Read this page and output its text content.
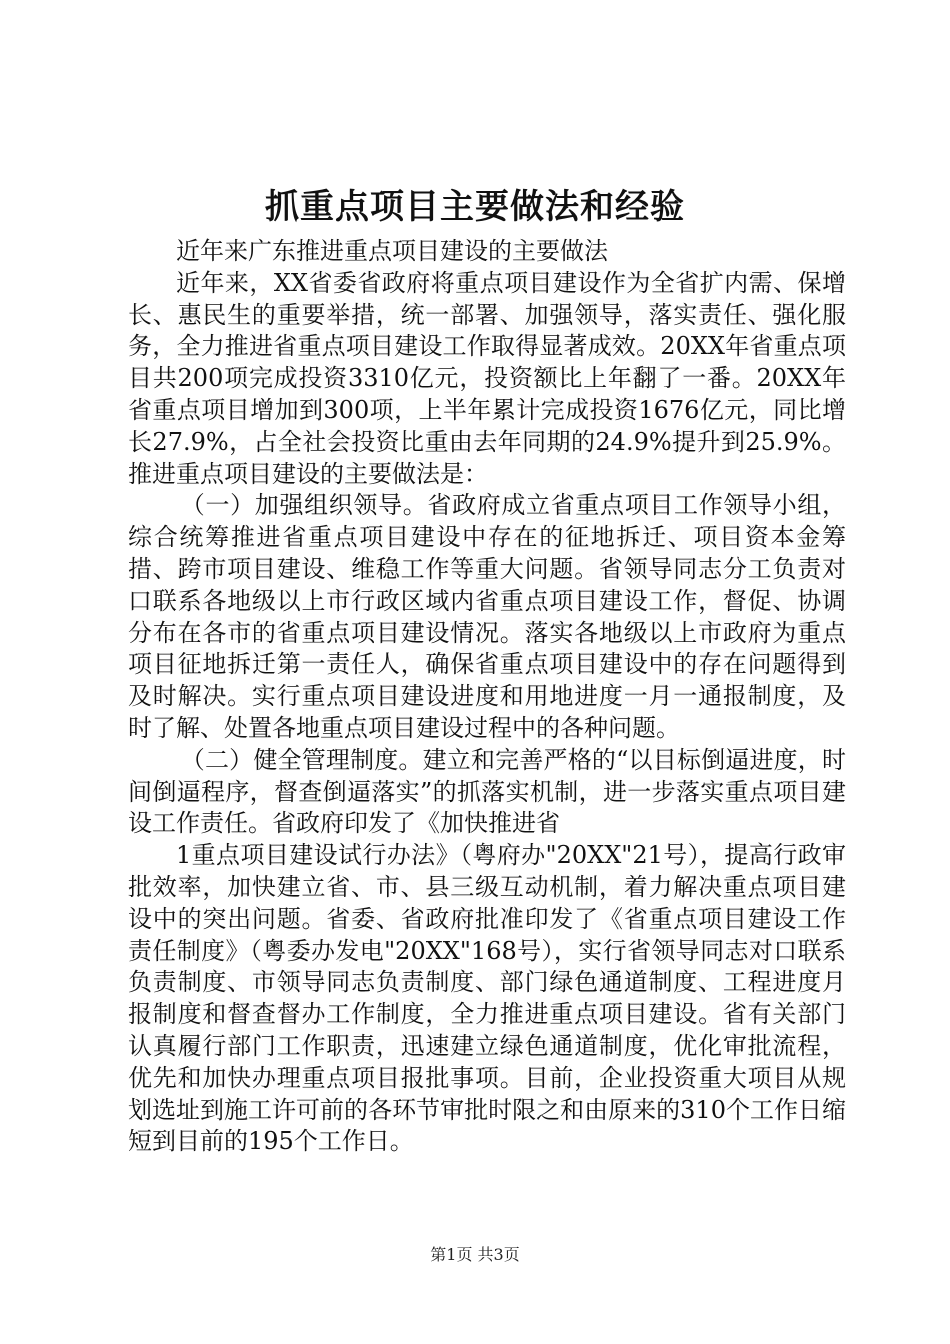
抓重点项目主要做法和经验

近年来广东推进重点项目建设的主要做法

近年来，XX省委省政府将重点项目建设作为全省扩内需、保增长、惠民生的重要举措，统一部署、加强领导，落实责任、强化服务，全力推进省重点项目建设工作取得显著成效。20XX年省重点项目共200项完成投资3310亿元，投资额比上年翻了一番。20XX年省重点项目增加到300项，上半年累计完成投资1676亿元，同比增长27.9%，占全社会投资比重由去年同期的24.9%提升到25.9%。推进重点项目建设的主要做法是：

（一）加强组织领导。省政府成立省重点项目工作领导小组，综合统筹推进省重点项目建设中存在的征地拆迁、项目资本金筹措、跨市项目建设、维稳工作等重大问题。省领导同志分工负责对口联系各地级以上市行政区域内省重点项目建设工作，督促、协调分布在各市的省重点项目建设情况。落实各地级以上市政府为重点项目征地拆迁第一责任人，确保省重点项目建设中的存在问题得到及时解决。实行重点项目建设进度和用地进度一月一通报制度，及时了解、处置各地重点项目建设过程中的各种问题。

（二）健全管理制度。建立和完善严格的“以目标倒逼进度，时间倒逼程序，督查倒逼落实”的抓落实机制，进一步落实重点项目建设工作责任。省政府印发了《加快推进省

1重点项目建设试行办法》（粤府办"20XX"21号），提高行政审批效率，加快建立省、市、县三级互动机制，着力解决重点项目建设中的突出问题。省委、省政府批准印发了《省重点项目建设工作责任制度》（粤委办发电"20XX"168号），实行省领导同志对口联系负责制度、市领导同志负责制度、部门绿色通道制度、工程进度月报制度和督查督办工作制度，全力推进重点项目建设。省有关部门认真履行部门工作职责，迅速建立绿色通道制度，优化审批流程，优先和加快办理重点项目报批事项。目前，企业投资重大项目从规划选址到施工许可前的各环节审批时限之和由原来的310个工作日缩短到目前的195个工作日。

第1页 共3页
